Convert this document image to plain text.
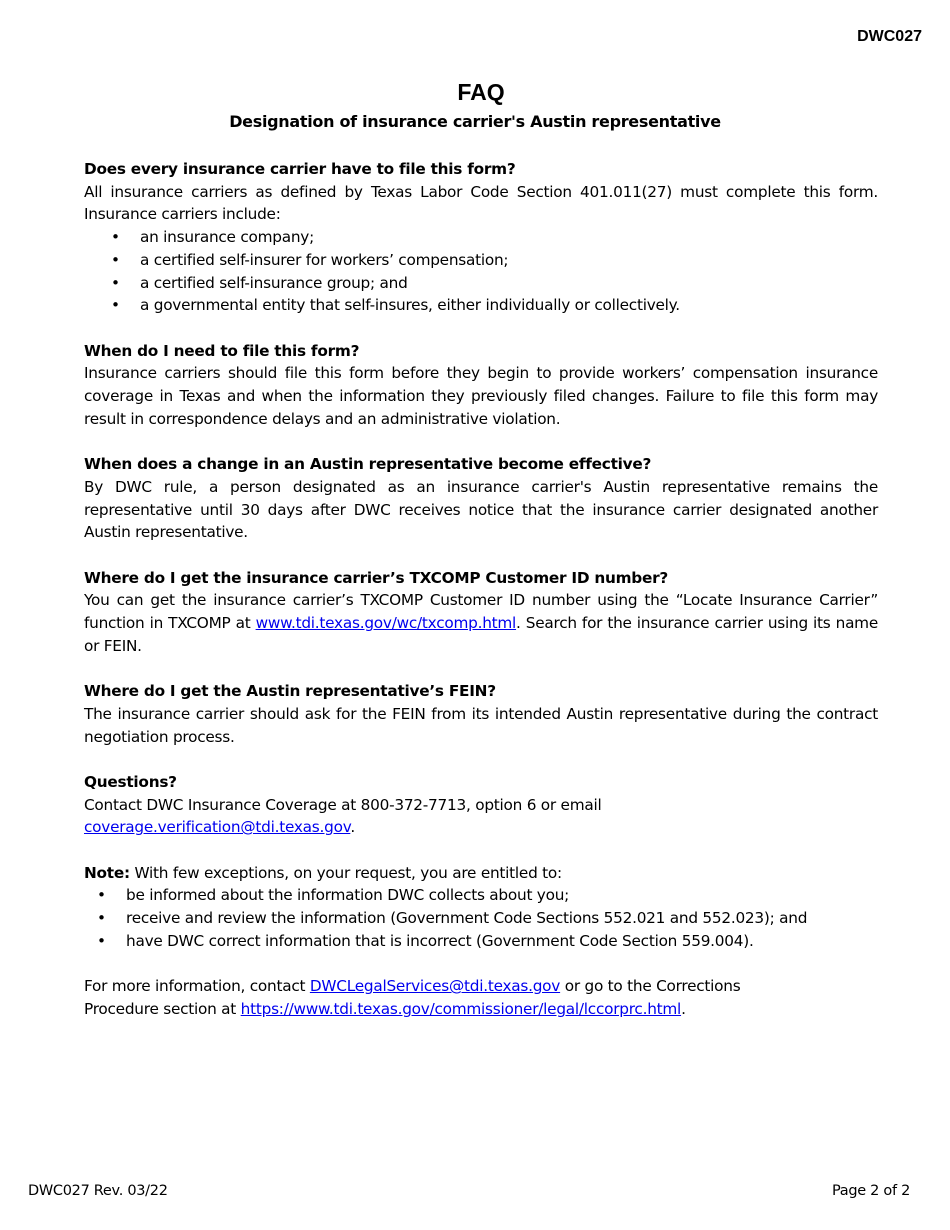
DWC027
FAQ
Designation of insurance carrier's Austin representative
Does every insurance carrier have to file this form?
All insurance carriers as defined by Texas Labor Code Section 401.011(27) must complete this form. Insurance carriers include:
• an insurance company;
• a certified self-insurer for workers’ compensation;
• a certified self-insurance group; and
• a governmental entity that self-insures, either individually or collectively.
When do I need to file this form?
Insurance carriers should file this form before they begin to provide workers’ compensation insurance coverage in Texas and when the information they previously filed changes. Failure to file this form may result in correspondence delays and an administrative violation.
When does a change in an Austin representative become effective?
By DWC rule, a person designated as an insurance carrier's Austin representative remains the representative until 30 days after DWC receives notice that the insurance carrier designated another Austin representative.
Where do I get the insurance carrier’s TXCOMP Customer ID number?
You can get the insurance carrier’s TXCOMP Customer ID number using the “Locate Insurance Carrier” function in TXCOMP at www.tdi.texas.gov/wc/txcomp.html. Search for the insurance carrier using its name or FEIN.
Where do I get the Austin representative’s FEIN?
The insurance carrier should ask for the FEIN from its intended Austin representative during the contract negotiation process.
Questions?
Contact DWC Insurance Coverage at 800-372-7713, option 6 or email
coverage.verification@tdi.texas.gov.
Note: With few exceptions, on your request, you are entitled to:
• be informed about the information DWC collects about you;
• receive and review the information (Government Code Sections 552.021 and 552.023); and
• have DWC correct information that is incorrect (Government Code Section 559.004).
For more information, contact DWCLegalServices@tdi.texas.gov or go to the Corrections
Procedure section at https://www.tdi.texas.gov/commissioner/legal/lccorprc.html.
DWC027 Rev. 03/22	Page 2 of 2
